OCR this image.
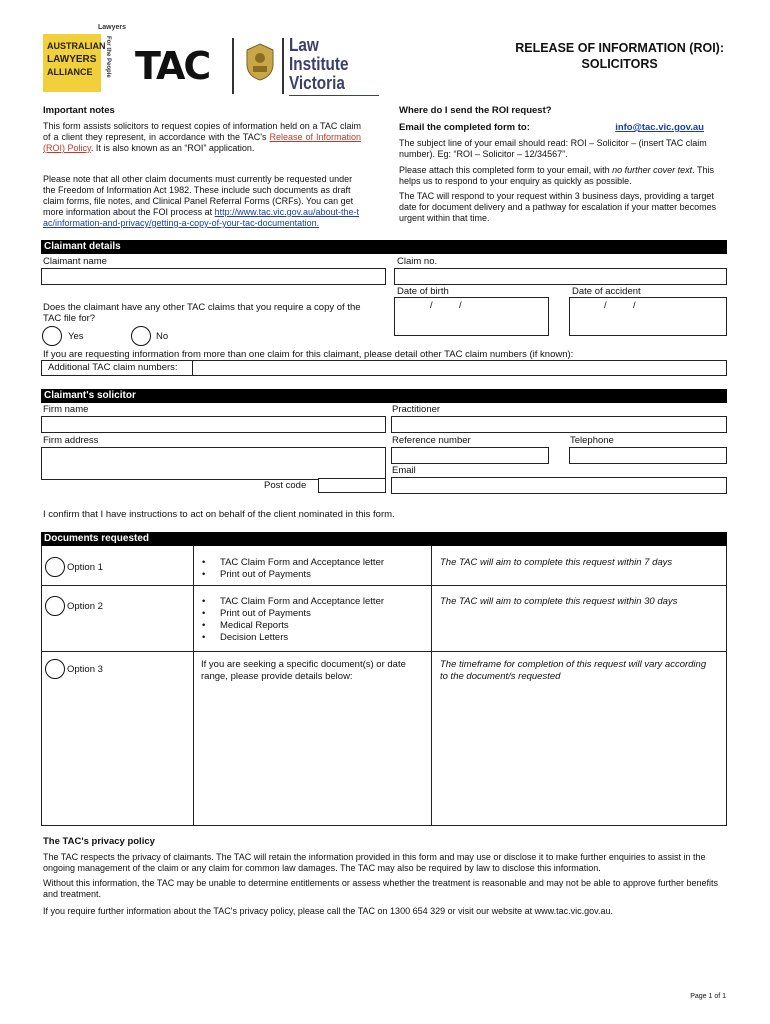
AUSTRALIAN
LAWYERS
ALLIANCE
Lawyers
For the People TAC	Law
Institute
Victoria
RELEASE OF INFORMATION (ROI):
SOLICITORS
Important notes
This form assists solicitors to request copies of information held on a TAC claim of a client they represent, in accordance with the TAC's Release of Information (ROI) Policy. It is also known as an “ROI” application.
Please note that all other claim documents must currently be requested under the Freedom of Information Act 1982. These include such documents as draft claim forms, file notes, and Clinical Panel Referral Forms (CRFs). You can get more information about the FOI process at http://www.tac.vic.gov.au/about-the-tac/information-and-privacy/getting-a-copy-of-your-tac-documentation.
Where do I send the ROI request?
Email the completed form to:	info@tac.vic.gov.au
The subject line of your email should read: ROI – Solicitor – (insert TAC claim number). Eg: “ROI – Solicitor – 12/34567”.
Please attach this completed form to your email, with no further cover text. This helps us to respond to your enquiry as quickly as possible.
The TAC will respond to your request within 3 business days, providing a target date for document delivery and a pathway for escalation if your matter becomes urgent within that time.
Claimant details
Claimant name	Claim no.
Date of birth
/          /
Date of accident
/          /
Does the claimant have any other TAC claims that you require a copy of the TAC file for?
Yes	No
If you are requesting information from more than one claim for this claimant, please detail other TAC claim numbers (if known):
Additional TAC claim numbers:
Claimant's solicitor
Firm name	Practitioner
Firm address	Reference number	Telephone
Email
Post code
I confirm that I have instructions to act on behalf of the client nominated in this form.
Documents requested
Option 1	• TAC Claim Form and Acceptance letter
• Print out of Payments
The TAC will aim to complete this request within 7 days
Option 2	• TAC Claim Form and Acceptance letter
• Print out of Payments
• Medical Reports
• Decision Letters
The TAC will aim to complete this request within 30 days
Option 3	If you are seeking a specific document(s) or date range, please provide details below:
The timeframe for completion of this request will vary according to the document/s requested
The TAC's privacy policy
The TAC respects the privacy of claimants. The TAC will retain the information provided in this form and may use or disclose it to make further enquiries to assist in the ongoing management of the claim or any claim for common law damages. The TAC may also be required by law to disclose this information.
Without this information, the TAC may be unable to determine entitlements or assess whether the treatment is reasonable and may not be able to approve further benefits and treatment.
If you require further information about the TAC's privacy policy, please call the TAC on 1300 654 329 or visit our website at www.tac.vic.gov.au.
Page 1 of 1
